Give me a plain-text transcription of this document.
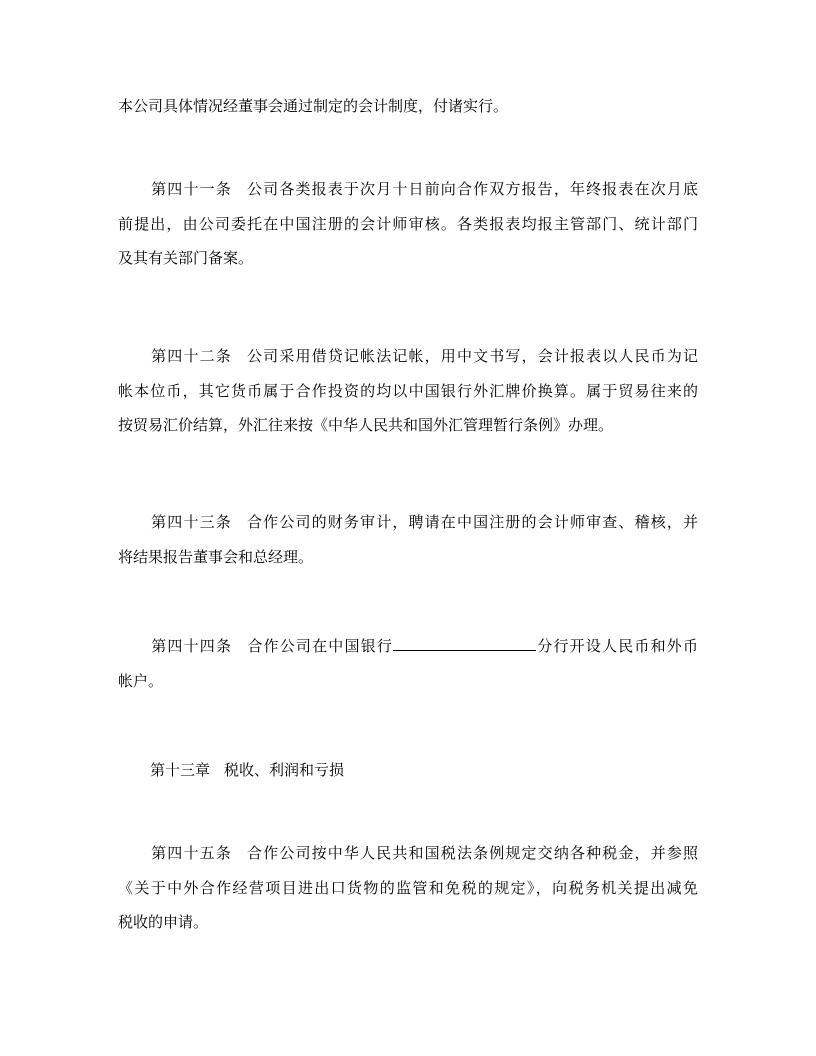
本公司具体情况经董事会通过制定的会计制度，付诸实行。
第四十一条 公司各类报表于次月十日前向合作双方报告，年终报表在次月底
前提出，由公司委托在中国注册的会计师审核。各类报表均报主管部门、统计部门
及其有关部门备案。
第四十二条 公司采用借贷记帐法记帐，用中文书写，会计报表以人民币为记
帐本位币，其它货币属于合作投资的均以中国银行外汇牌价换算。属于贸易往来的
按贸易汇价结算，外汇往来按《中华人民共和国外汇管理暂行条例》办理。
第四十三条 合作公司的财务审计，聘请在中国注册的会计师审查、稽核，并
将结果报告董事会和总经理。
第四十四条 合作公司在中国银行	分行开设人民币和外币
帐户。
第十三章 税收、利润和亏损
第四十五条 合作公司按中华人民共和国税法条例规定交纳各种税金，并参照
《关于中外合作经营项目进出口货物的监管和免税的规定》，向税务机关提出减免
税收的申请。
